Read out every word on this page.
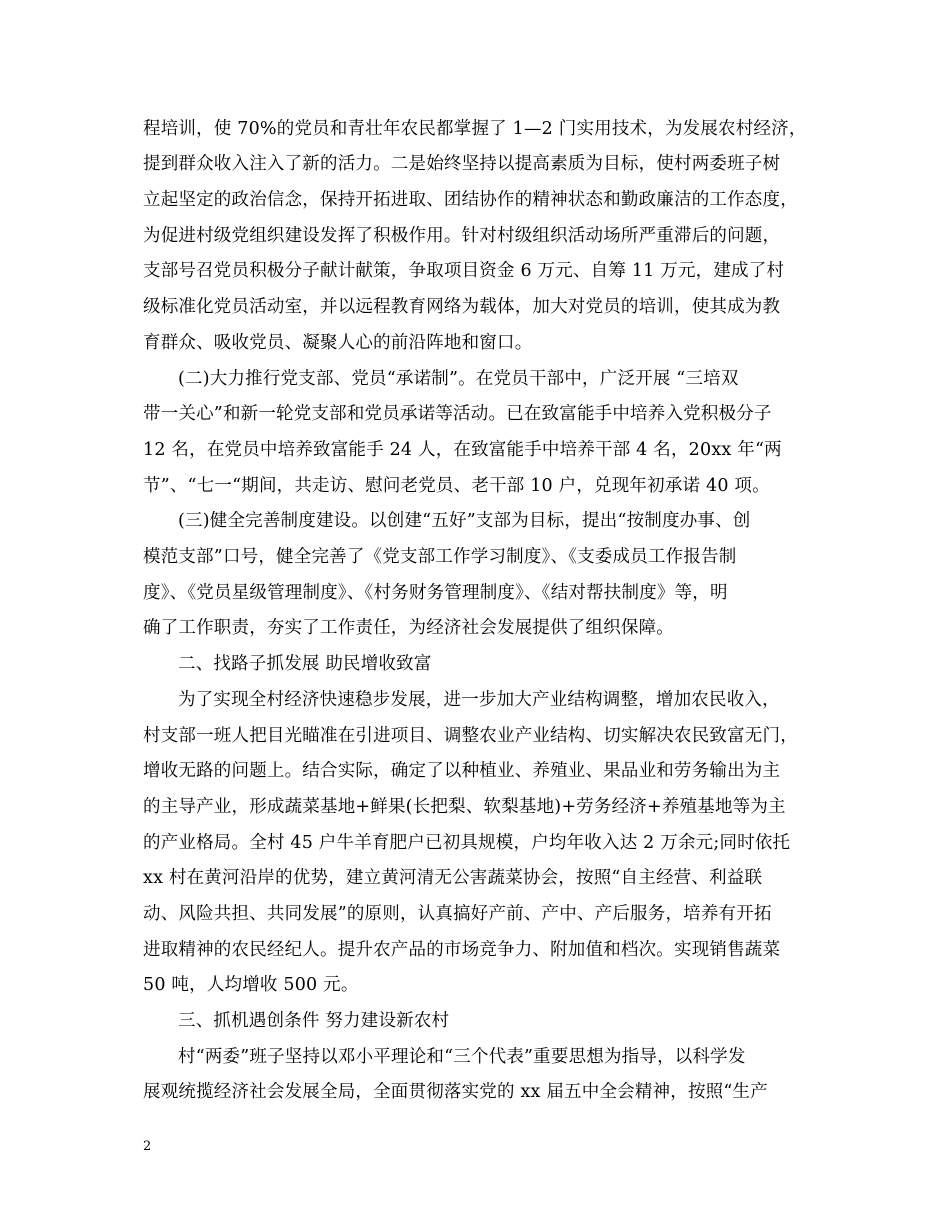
程培训，使 70%的党员和青壮年农民都掌握了 1—2 门实用技术，为发展农村经济，
提到群众收入注入了新的活力。二是始终坚持以提高素质为目标，使村两委班子树
立起坚定的政治信念，保持开拓进取、团结协作的精神状态和勤政廉洁的工作态度，
为促进村级党组织建设发挥了积极作用。针对村级组织活动场所严重滞后的问题，
支部号召党员积极分子献计献策，争取项目资金 6 万元、自筹 11 万元，建成了村
级标准化党员活动室，并以远程教育网络为载体，加大对党员的培训，使其成为教
育群众、吸收党员、凝聚人心的前沿阵地和窗口。
(二)大力推行党支部、党员“承诺制”。在党员干部中，广泛开展 “三培双
带一关心”和新一轮党支部和党员承诺等活动。已在致富能手中培养入党积极分子
12 名，在党员中培养致富能手 24 人，在致富能手中培养干部 4 名，20xx 年“两
节”、“七一“期间，共走访、慰问老党员、老干部 10 户，兑现年初承诺 40 项。
(三)健全完善制度建设。以创建“五好”支部为目标，提出“按制度办事、创
模范支部”口号，健全完善了《党支部工作学习制度》、《支委成员工作报告制
度》、《党员星级管理制度》、《村务财务管理制度》、《结对帮扶制度》等，明
确了工作职责，夯实了工作责任，为经济社会发展提供了组织保障。
二、找路子抓发展 助民增收致富
为了实现全村经济快速稳步发展，进一步加大产业结构调整，增加农民收入，
村支部一班人把目光瞄准在引进项目、调整农业产业结构、切实解决农民致富无门，
增收无路的问题上。结合实际，确定了以种植业、养殖业、果品业和劳务输出为主
的主导产业，形成蔬菜基地+鲜果(长把梨、软梨基地)+劳务经济+养殖基地等为主
的产业格局。全村 45 户牛羊育肥户已初具规模，户均年收入达 2 万余元;同时依托
xx 村在黄河沿岸的优势，建立黄河清无公害蔬菜协会，按照“自主经营、利益联
动、风险共担、共同发展”的原则，认真搞好产前、产中、产后服务，培养有开拓
进取精神的农民经纪人。提升农产品的市场竞争力、附加值和档次。实现销售蔬菜
50 吨，人均增收 500 元。
三、抓机遇创条件 努力建设新农村
村“两委”班子坚持以邓小平理论和“三个代表”重要思想为指导，以科学发
展观统揽经济社会发展全局，全面贯彻落实党的 xx 届五中全会精神，按照“生产
2
